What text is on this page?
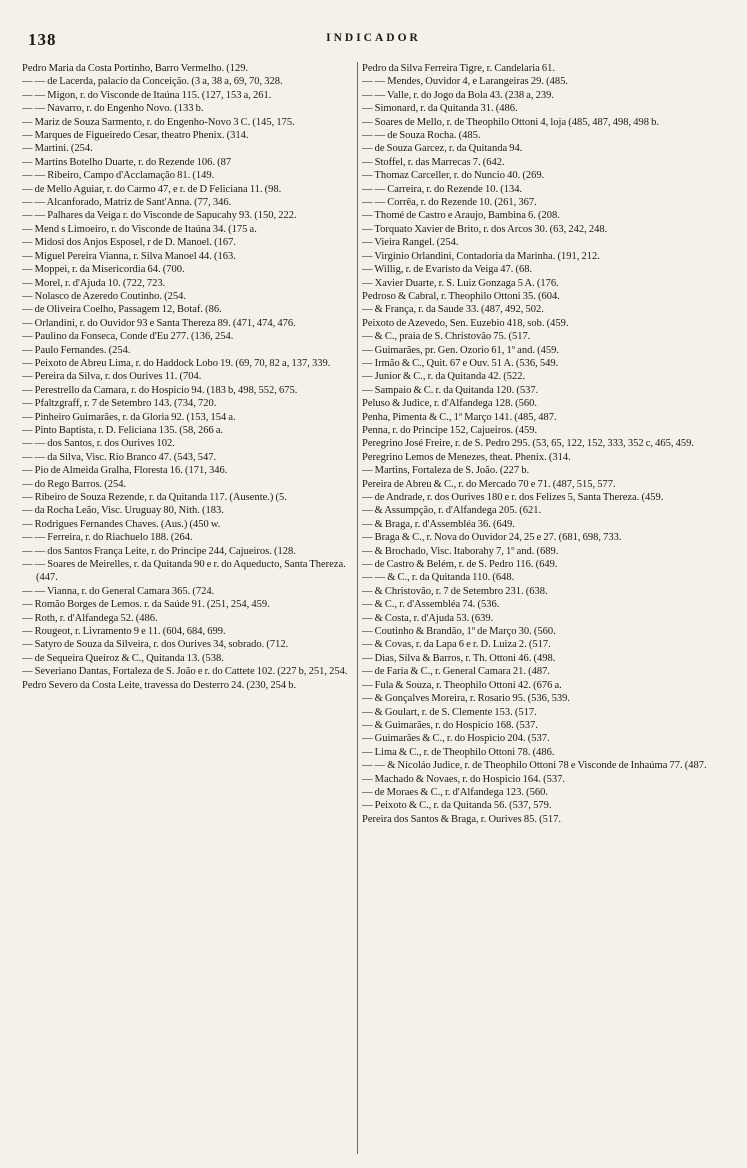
138	INDICADOR

Pedro Maria da Costa Portinho, Barro Vermelho. (129.

— — de Lacerda, palacio da Conceição. (3 a, 38 a, 69, 70, 328.

— — Migon, r. do Visconde de Itaúna 115. (127, 153 a, 261.

— — Navarro, r. do Engenho Novo. (133 b.

— Mariz de Souza Sarmento, r. do Engenho-Novo 3 C. (145, 175.

— Marques de Figueiredo Cesar, theatro Phenix. (314.

— Martini. (254.

— Martins Botelho Duarte, r. do Rezende 106. (87

— — Ribeiro, Campo d'Acclamação 81. (149.

— de Mello Aguiar, r. do Carmo 47, e r. de D Feliciana 11. (98.

— — Alcanforado, Matriz de Sant'Anna. (77, 346.

— — Palhares da Veiga r. do Visconde de Sapucahy 93. (150, 222.

— Mend s Limoeiro, r. do Visconde de Itaúna 34. (175 a.

— Midosi dos Anjos Esposel, r de D. Manoel. (167.

— Miguel Pereira Vianna, r. Silva Manoel 44. (163.

— Moppei, r. da Misericordia 64. (700.

— Morel, r. d'Ajuda 10. (722, 723.

— Nolasco de Azeredo Coutinho. (254.

— de Oliveira Coelho, Passagem 12, Botaf. (86.

— Orlandini, r. do Ouvidor 93 e Santa Thereza 89. (471, 474, 476.

— Paulino da Fonseca, Conde d'Eu 277. (136, 254.

— Paulo Fernandes. (254.

— Peixoto de Abreu Lima, r. do Haddock Lobo 19. (69, 70, 82 a, 137, 339.

— Pereira da Silva, r. dos Ourives 11. (704.

— Perestrello da Camara, r. do Hospicio 94. (183 b, 498, 552, 675.

— Pfaltzgraff, r. 7 de Setembro 143. (734, 720.

— Pinheiro Guimarães, r. da Gloria 92. (153, 154 a.

— Pinto Baptista, r. D. Feliciana 135. (58, 266 a.

— — dos Santos, r. dos Ourives 102.

— — da Silva, Visc. Rio Branco 47. (543, 547.

— Pio de Almeida Gralha, Floresta 16. (171, 346.

— do Rego Barros. (254.

— Ribeiro de Souza Rezende, r. da Quitanda 117. (Ausente.) (5.

— da Rocha Leão, Visc. Uruguay 80, Nith. (183.

— Rodrigues Fernandes Chaves. (Aus.) (450 w.

— — Ferreira, r. do Riachuelo 188. (264.

— — dos Santos França Leite, r. do Principe 244, Cajueiros. (128.

— — Soares de Meirelles, r. da Quitanda 90 e r. do Aqueducto, Santa Thereza. (447.

— — Vianna, r. do General Camara 365. (724.

— Romão Borges de Lemos. r. da Saúde 91. (251, 254, 459.

— Roth, r. d'Alfandega 52. (486.

— Rougeot, r. Livramento 9 e 11. (604, 684, 699.

— Satyro de Souza da Silveira, r. dos Ourives 34, sobrado. (712.

— de Sequeira Queiroz & C., Quitanda 13. (538.

— Severiano Dantas, Fortaleza de S. João e r. do Cattete 102. (227 b, 251, 254.

Pedro Severo da Costa Leite, travessa do Desterro 24. (230, 254 b.

Pedro da Silva Ferreira Tigre, r. Candelaria 61.

— — Mendes, Ouvidor 4, e Larangeiras 29. (485.

— — Valle, r. do Jogo da Bola 43. (238 a, 239.

— Simonard, r. da Quitanda 31. (486.

— Soares de Mello, r. de Theophilo Ottoni 4, loja (485, 487, 498, 498 b.

— — de Souza Rocha. (485.

— de Souza Garcez, r. da Quitanda 94.

— Stoffel, r. das Marrecas 7. (642.

— Thomaz Carceller, r. do Nuncio 40. (269.

— — Carreira, r. do Rezende 10. (134.

— — Corrêa, r. do Rezende 10. (261, 367.

— Thomé de Castro e Araujo, Bambina 6. (208.

— Torquato Xavier de Brito, r. dos Arcos 30. (63, 242, 248.

— Vieira Rangel. (254.

— Virginio Orlandini, Contadoria da Marinha. (191, 212.

— Willig, r. de Evaristo da Veiga 47. (68.

— Xavier Duarte, r. S. Luiz Gonzaga 5 A. (176.

Pedroso & Cabral, r. Theophilo Ottoni 35. (604.

— & França, r. da Saude 33. (487, 492, 502.

Peixoto de Azevedo, Sen. Euzebio 418, sob. (459.

— & C., praia de S. Christovão 75. (517.

— Guimarães, pr. Gen. Ozorio 61, 1º and. (459.

— Irmão & C., Quit. 67 e Ouv. 51 A. (536, 549.

— Junior & C., r. da Quitanda 42. (522.

— Sampaio & C. r. da Quitanda 120. (537.

Peluso & Judice, r. d'Alfandega 128. (560.

Penha, Pimenta & C., 1º Março 141. (485, 487.

Penna, r. do Principe 152, Cajueiros. (459.

Peregrino José Freire, r. de S. Pedro 295. (53, 65, 122, 152, 333, 352 c, 465, 459.

Peregrino Lemos de Menezes, theat. Phenix. (314.

— Martins, Fortaleza de S. João. (227 b.

Pereira de Abreu & C., r. do Mercado 70 e 71. (487, 515, 577.

— de Andrade, r. dos Ourives 180 e r. dos Felizes 5, Santa Thereza. (459.

— & Assumpção, r. d'Alfandega 205. (621.

— & Braga, r. d'Assembléa 36. (649.

— Braga & C., r. Nova do Ouvidor 24, 25 e 27. (681, 698, 733.

— & Brochado, Visc. Itaborahy 7, 1º and. (689.

— de Castro & Belém, r. de S. Pedro 116. (649.

— — & C., r. da Quitanda 110. (648.

— & Christovão, r. 7 de Setembro 231. (638.

— & C., r. d'Assembléa 74. (536.

— & Costa, r. d'Ajuda 53. (639.

— Coutinho & Brandão, 1º de Março 30. (560.

— & Covas, r. da Lapa 6 e r. D. Luiza 2. (517.

— Dias, Silva & Barros, r. Th. Ottoni 46. (498.

— de Faria & C., r. General Camara 21. (487.

— Fula & Souza, r. Theophilo Ottoni 42. (676 a.

— & Gonçalves Moreira, r. Rosario 95. (536, 539.

— & Goulart, r. de S. Clemente 153. (517.

— & Guimarães, r. do Hospicio 168. (537.

— Guimarães & C., r. do Hospicio 204. (537.

— Lima & C., r. de Theophilo Ottoni 78. (486.

— — & Nicoláo Judice, r. de Theophilo Ottoni 78 e Visconde de Inhaúma 77. (487.

— Machado & Novaes, r. do Hospicio 164. (537.

— de Moraes & C., r. d'Alfandega 123. (560.

— Peixoto & C., r. da Quitanda 56. (537, 579.

Pereira dos Santos & Braga, r. Ourives 85. (517.
